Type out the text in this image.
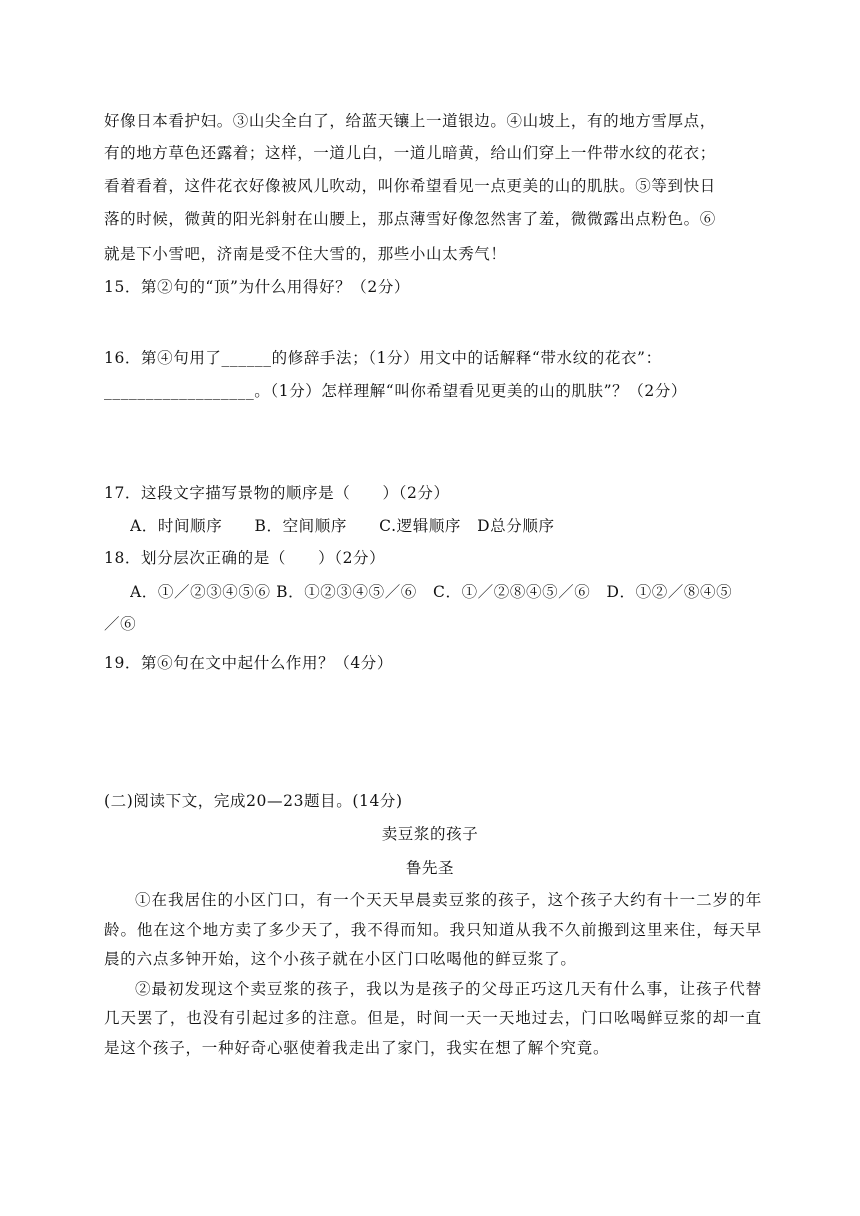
好像日本看护妇。③山尖全白了，给蓝天镶上一道银边。④山坡上，有的地方雪厚点，
有的地方草色还露着；这样，一道儿白，一道儿暗黄，给山们穿上一件带水纹的花衣；
看着看着，这件花衣好像被风儿吹动，叫你希望看见一点更美的山的肌肤。⑤等到快日
落的时候，微黄的阳光斜射在山腰上，那点薄雪好像忽然害了羞，微微露出点粉色。⑥
就是下小雪吧，济南是受不住大雪的，那些小山太秀气！
15．第②句的“顶”为什么用得好？（2分）
16．第④句用了______的修辞手法；（1分）用文中的话解释“带水纹的花衣”：
__________________。（1分）怎样理解“叫你希望看见更美的山的肌肤”？（2分）
17．这段文字描写景物的顺序是（　　）（2分）
A．时间顺序　　B．空间顺序　　C.逻辑顺序　D总分顺序
18．划分层次正确的是（　　）（2分）
A．①／②③④⑤⑥ B．①②③④⑤／⑥　C．①／②⑧④⑤／⑥　D．①②／⑧④⑤
／⑥
19．第⑥句在文中起什么作用？（4分）
(二)阅读下文，完成20—23题目。(14分)
卖豆浆的孩子
鲁先圣

①在我居住的小区门口，有一个天天早晨卖豆浆的孩子，这个孩子大约有十一二岁的年龄。他在这个地方卖了多少天了，我不得而知。我只知道从我不久前搬到这里来住，每天早晨的六点多钟开始，这个小孩子就在小区门口吆喝他的鲜豆浆了。

②最初发现这个卖豆浆的孩子，我以为是孩子的父母正巧这几天有什么事，让孩子代替几天罢了，也没有引起过多的注意。但是，时间一天一天地过去，门口吆喝鲜豆浆的却一直是这个孩子，一种好奇心驱使着我走出了家门，我实在想了解个究竟。
